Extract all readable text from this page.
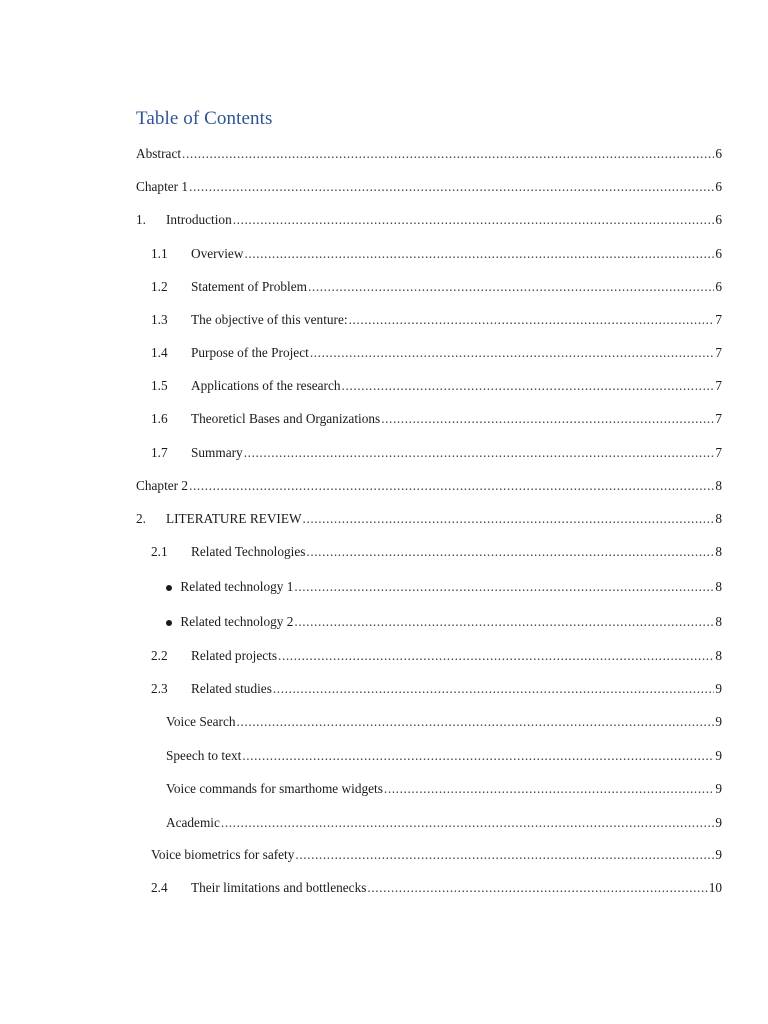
Table of Contents
Abstract .....	6
Chapter 1 .....	6
1.	Introduction .....	6
1.1	Overview .....	6
1.2	Statement of Problem .....	6
1.3	The objective of this venture: .....	7
1.4	Purpose of the Project .....	7
1.5	Applications of the research .....	7
1.6	Theoreticl Bases and Organizations .....	7
1.7	Summary .....	7
Chapter 2 .....	8
2.	LITERATURE REVIEW .....	8
2.1	Related Technologies .....	8
Related technology 1 .....	8
Related technology 2 .....	8
2.2	Related projects .....	8
2.3	Related studies .....	9
Voice Search .....	9
Speech to text .....	9
Voice commands for smarthome widgets .....	9
Academic .....	9
Voice biometrics for safety .....	9
2.4	Their limitations and bottlenecks .....	10
